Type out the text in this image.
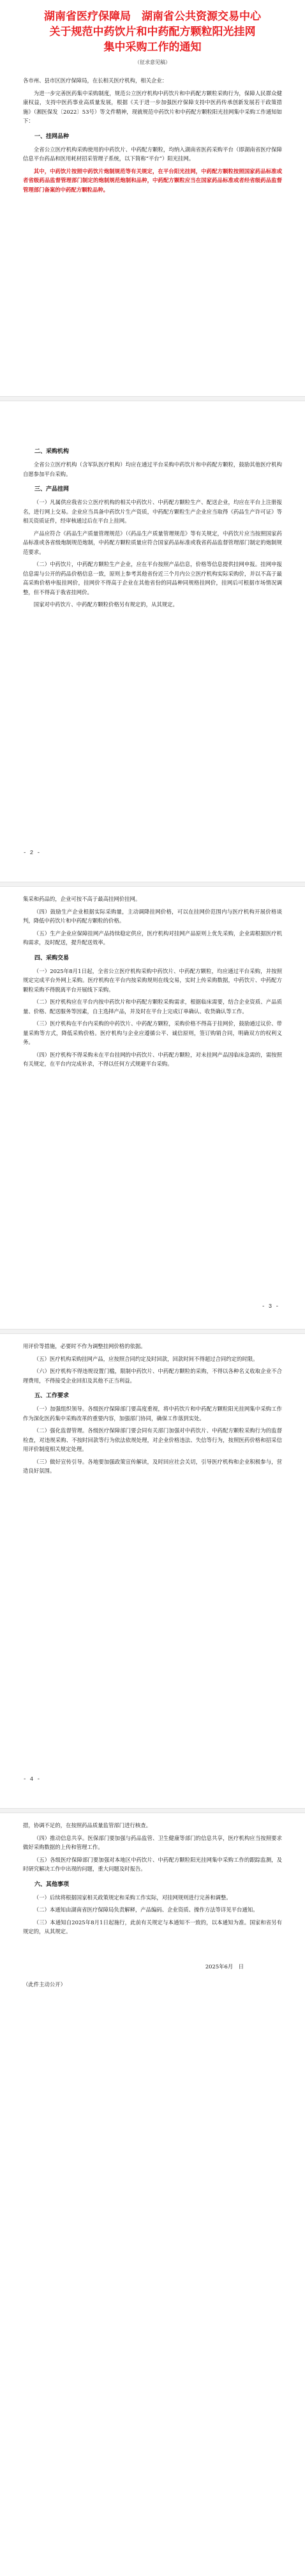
湖南省医疗保障局　湖南省公共资源交易中心
关于规范中药饮片和中药配方颗粒阳光挂网
集中采购工作的通知
（征求意见稿）

各市州、县市区医疗保障局，在长相关医疗机构，相关企业：

为进一步完善医药集中采购制度，规范公立医疗机构中药饮片和中药配方颗粒采购行为，保障人民群众健康权益，支持中医药事业高质量发展，根据《关于进一步加强医疗保障支持中医药传承创新发展若干政策措施》（湘医保发〔2022〕53号）等文件精神，现就规范中药饮片和中药配方颗粒阳光挂网集中采购工作通知如下：

一、挂网品种

全省公立医疗机构采购使用的中药饮片、中药配方颗粒，均纳入湖南省医药采购平台（即湖南省医疗保障信息平台药品和医用耗材招采管理子系统，以下简称“平台”）阳光挂网。

其中，中药饮片按照中药饮片炮制规范等有关规定，在平台阳光挂网，中药配方颗粒按照国家药品标准或者省级药品监督管理部门制定的炮制规范炮制和品种，中药配方颗粒应当在国家药品标准或者经省级药品监督管理部门备案的中药配方颗粒品种。

二、采购机构

全省公立医疗机构（含军队医疗机构）均应在通过平台采购中药饮片和中药配方颗粒，鼓励其他医疗机构自愿参加平台采购。

三、产品挂网

（一）凡属供应我省公立医疗机构的相关中药饮片、中药配方颗粒生产、配送企业，均应在平台上注册报名，进行网上交易。企业应当具备中药饮片生产资质，中药配方颗粒生产企业应当取得《药品生产许可证》等相关资质证件，经审核通过后在平台上挂网。

产品应符合《药品生产质量管理规范》（《药品生产质量管理规范》等有关规定，中药饮片应当按照国家药品标准或各省级炮制规范炮制，中药配方颗粒质量应符合国家药品标准或我省药品监督管理部门制定的炮制规范要求。

（二）中药饮片，中药配方颗粒生产企业，应在平台按照产品信息，价格等信息提供挂网申报。挂网申报信息需与公开的药品价格信息一致，原则上参考其他省份近三个月内公立医疗机构实际采购价，并以不高于最高采购价格申报挂网价，挂网价不得高于企业在其他省份的同品种同规格挂网价，挂网后可根据市场情况调整，但不得高于我省挂网价。

国家对中药饮片、中药配方颗粒价格另有规定的，从其规定。

- 2 -

集采和药品的，企业可按不高于最高挂网价挂网。

（四）鼓励生产企业根据实际采购量，主动调降挂网价格，可以在挂网价范围内与医疗机构开展价格谈判，降低中药饮片和中药配方颗粒的价格。

（五）生产企业应保障挂网产品持续稳定供应，医疗机构对挂网产品原则上优先采购，企业需根据医疗机构需求，及时配送，提升配送效率。

四、采购交易

（一）2025年8月1日起，全省公立医疗机构采购中药饮片、中药配方颗粒，均应通过平台采购，并按照规定完成平台外网上采购。医疗机构在平台内按采购规则在线交易，实时上传采购数据，中药饮片、中药配方颗粒采购不得脱离平台开展线下采购。

（二）医疗机构应在平台内按中药饮片和中药配方颗粒采购需求，根据临床需要，结合企业资质、产品质量、价格、配送服务等因素，自主选择产品，并及时在平台上完成订单确认、收货确认等工作。

（三）医疗机构在平台内采购的中药饮片、中药配方颗粒，采购价格不得高于挂网价，鼓励通过议价、带量采购等方式，降低采购价格。医疗机构与企业应遵循公平、诚信原则，签订购销合同，明确双方的权利义务。

（四）医疗机构不得采购未在平台挂网的中药饮片、中药配方颗粒，对未挂网产品因临床急需的，需按照有关规定，在平台内完成补录，不得以任何方式规避平台采购。

- 3 -

用评价等措施，必要时不作为调整挂网价格的依据。

（五）医疗机构采购挂网产品，应按照合同约定及时回款，回款时间不得超过合同约定的时限。

（六）医疗机构不得违规设置门槛，限制中药饮片、中药配方颗粒的采购，不得以各种名义收取企业不合理费用，不得接受企业回扣及其他不正当利益。

五、工作要求

（一）加强组织领导。各级医疗保障部门要高度重视，将中药饮片和中药配方颗粒阳光挂网集中采购工作作为深化医药集中采购改革的重要内容，加强部门协同，确保工作落到实处。

（二）强化监督管理。各级医疗保障部门要会同有关部门加强对中药饮片、中药配方颗粒采购行为的监督检查，对违规采购、不按时回款等行为依法依规处理，对企业价格违法、失信等行为，按照医药价格和招采信用评价制度相关规定处理。

（三）做好宣传引导。各地要加强政策宣传解读，及时回应社会关切，引导医疗机构和企业积极参与，营造良好氛围。

- 4 -

措，协调不足的，在按照药品质量监管部门进行核查。

（四）推动信息共享。医保部门要加强与药品监管、卫生健康等部门的信息共享，医疗机构应当按照要求做好采购数据的上传和管理工作。

（五）各级医疗保障部门要加强对本地区中药饮片、中药配方颗粒阳光挂网集中采购工作的跟踪监测，及时研究解决工作中出现的问题，重大问题及时报告。

六、其他事项

（一）后续将根据国家相关政策规定和采购工作实际，对挂网规则进行完善和调整。

（二）本通知由湖南省医疗保障局负责解释，产品编码、企业资质、操作方法等详见平台通知。

（三）本通知自2025年8月1日起施行，此前有关规定与本通知不一致的，以本通知为准。国家和省另有规定的，从其规定。

2025年6月　日

（此件主动公开）
